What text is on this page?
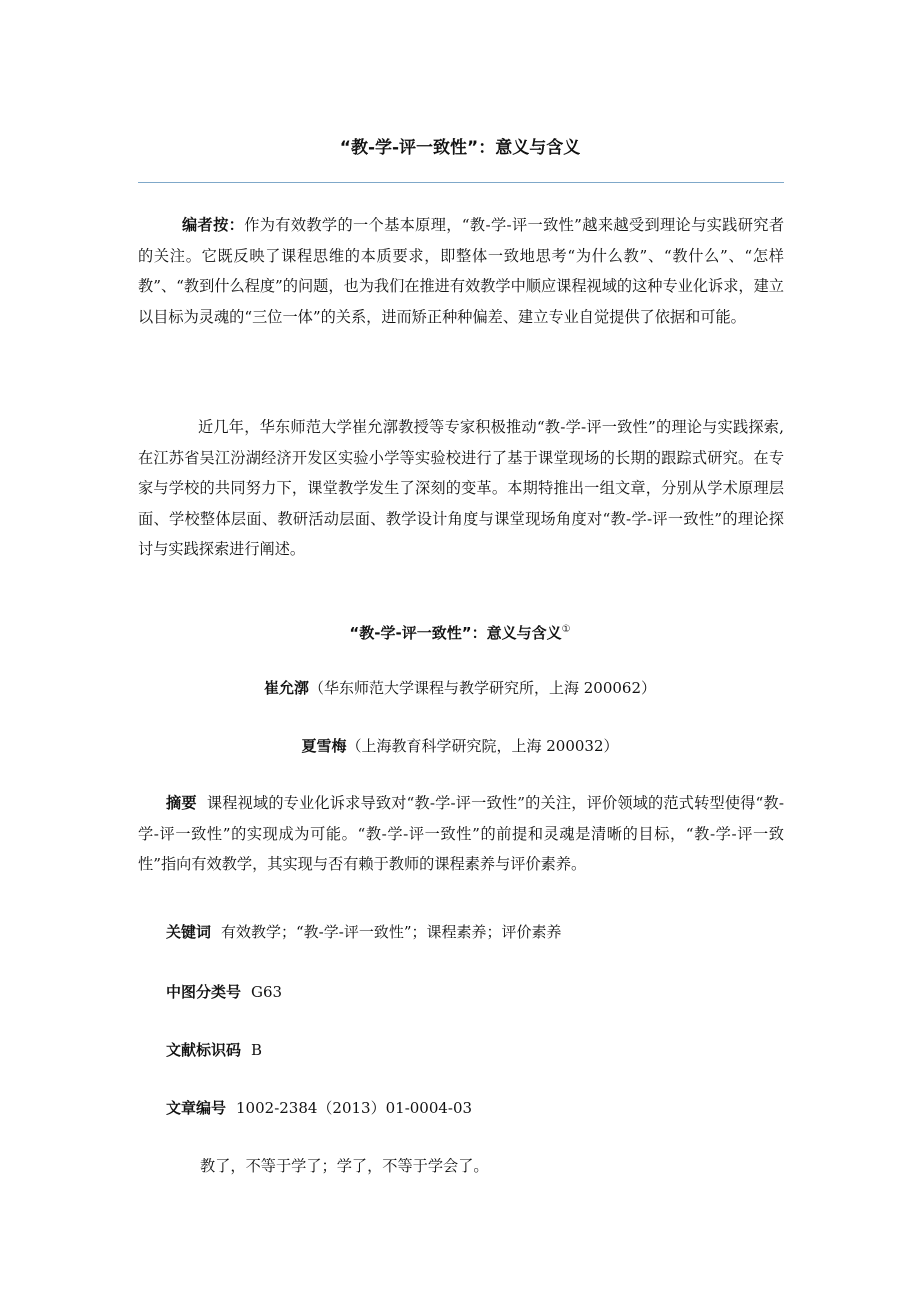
“教-学-评一致性”：意义与含义

编者按：作为有效教学的一个基本原理，“教-学-评一致性”越来越受到理论与实践研究者的关注。它既反映了课程思维的本质要求，即整体一致地思考“为什么教”、“教什么”、“怎样教”、“教到什么程度”的问题，也为我们在推进有效教学中顺应课程视域的这种专业化诉求，建立以目标为灵魂的“三位一体”的关系，进而矫正种种偏差、建立专业自觉提供了依据和可能。

近几年，华东师范大学崔允漷教授等专家积极推动“教-学-评一致性”的理论与实践探索,在江苏省吴江汾湖经济开发区实验小学等实验校进行了基于课堂现场的长期的跟踪式研究。在专家与学校的共同努力下，课堂教学发生了深刻的变革。本期特推出一组文章，分别从学术原理层面、学校整体层面、教研活动层面、教学设计角度与课堂现场角度对“教-学-评一致性”的理论探讨与实践探索进行阐述。

“教-学-评一致性”：意义与含义①
崔允漷（华东师范大学课程与教学研究所，上海 200062）
夏雪梅（上海教育科学研究院，上海 200032）

摘要 课程视域的专业化诉求导致对“教-学-评一致性”的关注，评价领域的范式转型使得“教-学-评一致性”的实现成为可能。“教-学-评一致性”的前提和灵魂是清晰的目标，“教-学-评一致性”指向有效教学，其实现与否有赖于教师的课程素养与评价素养。

关键词 有效教学；“教-学-评一致性”；课程素养；评价素养
中图分类号 G63
文献标识码 B
文章编号 1002-2384（2013）01-0004-03
教了，不等于学了；学了，不等于学会了。
